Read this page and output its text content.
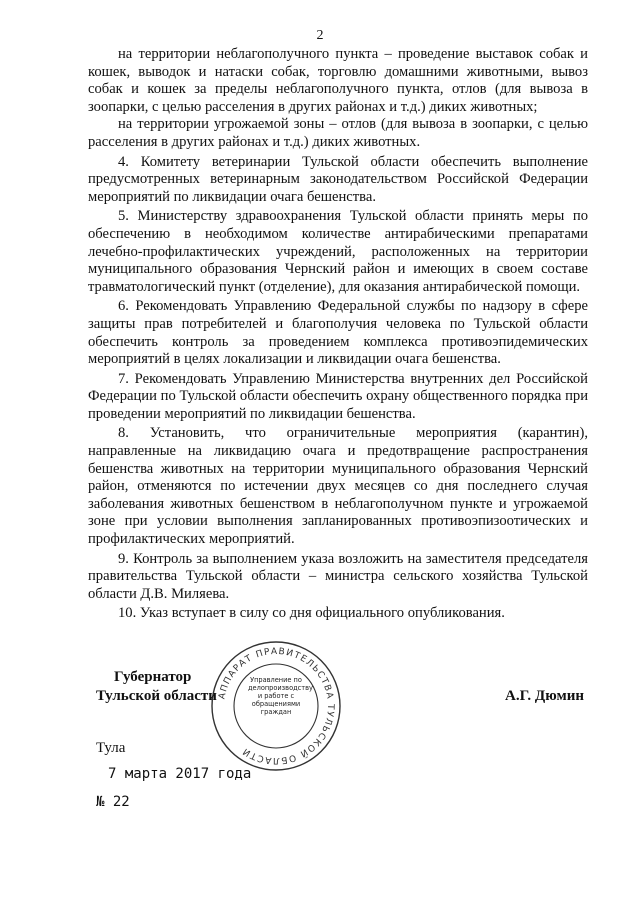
2

на территории неблагополучного пункта – проведение выставок собак и кошек, выводок и натаски собак, торговлю домашними животными, вывоз собак и кошек за пределы неблагополучного пункта, отлов (для вывоза в зоопарки, с целью расселения в других районах и т.д.) диких животных;

на территории угрожаемой зоны – отлов (для вывоза в зоопарки, с целью расселения в других районах и т.д.) диких животных.

4. Комитету ветеринарии Тульской области обеспечить выполнение предусмотренных ветеринарным законодательством Российской Федерации мероприятий по ликвидации очага бешенства.

5. Министерству здравоохранения Тульской области принять меры по обеспечению в необходимом количестве антирабическими препаратами лечебно-профилактических учреждений, расположенных на территории муниципального образования Чернский район и имеющих в своем составе травматологический пункт (отделение), для оказания антирабической помощи.

6. Рекомендовать Управлению Федеральной службы по надзору в сфере защиты прав потребителей и благополучия человека по Тульской области обеспечить контроль за проведением комплекса противоэпидемических мероприятий в целях локализации и ликвидации очага бешенства.

7. Рекомендовать Управлению Министерства внутренних дел Российской Федерации по Тульской области обеспечить охрану общественного порядка при проведении мероприятий по ликвидации бешенства.

8. Установить, что ограничительные мероприятия (карантин), направленные на ликвидацию очага и предотвращение распространения бешенства животных на территории муниципального образования Чернский район, отменяются по истечении двух месяцев со дня последнего случая заболевания животных бешенством в неблагополучном пункте и угрожаемой зоне при условии выполнения запланированных противоэпизоотических и профилактических мероприятий.

9. Контроль за выполнением указа возложить на заместителя председателя правительства Тульской области – министра сельского хозяйства Тульской области Д.В. Миляева.

10. Указ вступает в силу со дня официального опубликования.

АППАРАТ ПРАВИТЕЛЬСТВА ТУЛЬСКОЙ ОБЛАСТИ
Управление по делопроизводству и работе с обращениями граждан
Губернатор
Тульской области	А.Г. Дюмин
Тула
7 марта 2017 года
№ 22
